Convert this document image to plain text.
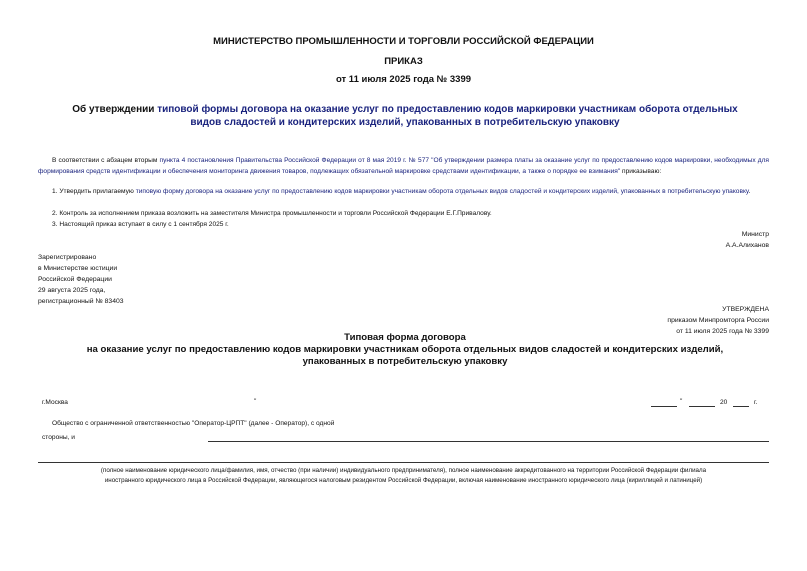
МИНИСТЕРСТВО ПРОМЫШЛЕННОСТИ И ТОРГОВЛИ РОССИЙСКОЙ ФЕДЕРАЦИИ
ПРИКАЗ
от 11 июля 2025 года № 3399
Об утверждении типовой формы договора на оказание услуг по предоставлению кодов маркировки участникам оборота отдельных видов сладостей и кондитерских изделий, упакованных в потребительскую упаковку
В соответствии с абзацем вторым пункта 4 постановления Правительства Российской Федерации от 8 мая 2019 г. № 577 "Об утверждении размера платы за оказание услуг по предоставлению кодов маркировки, необходимых для формирования средств идентификации и обеспечения мониторинга движения товаров, подлежащих обязательной маркировке средствами идентификации, а также о порядке ее взимания" приказываю:
1. Утвердить прилагаемую типовую форму договора на оказание услуг по предоставлению кодов маркировки участникам оборота отдельных видов сладостей и кондитерских изделий, упакованных в потребительскую упаковку.
2. Контроль за исполнением приказа возложить на заместителя Министра промышленности и торговли Российской Федерации Е.Г.Привалову.
3. Настоящий приказ вступает в силу с 1 сентября 2025 г.
Министр
А.А.Алиханов
Зарегистрировано
в Министерстве юстиции
Российской Федерации
29 августа 2025 года,
регистрационный № 83403
УТВЕРЖДЕНА
приказом Минпромторга России
от 11 июля 2025 года № 3399
Типовая форма договора
на оказание услуг по предоставлению кодов маркировки участникам оборота отдельных видов сладостей и кондитерских изделий, упакованных в потребительскую упаковку
г.Москва	"	"	20	г.
Общество с ограниченной ответственностью "Оператор-ЦРПТ" (далее - Оператор), с одной
стороны, и
(полное наименование юридического лица/фамилия, имя, отчество (при наличии) индивидуального предпринимателя), полное наименование аккредитованного на территории Российской Федерации филиала иностранного юридического лица в Российской Федерации, являющегося налоговым резидентом Российской Федерации, включая наименование иностранного юридического лица (кириллицей и латиницей)
